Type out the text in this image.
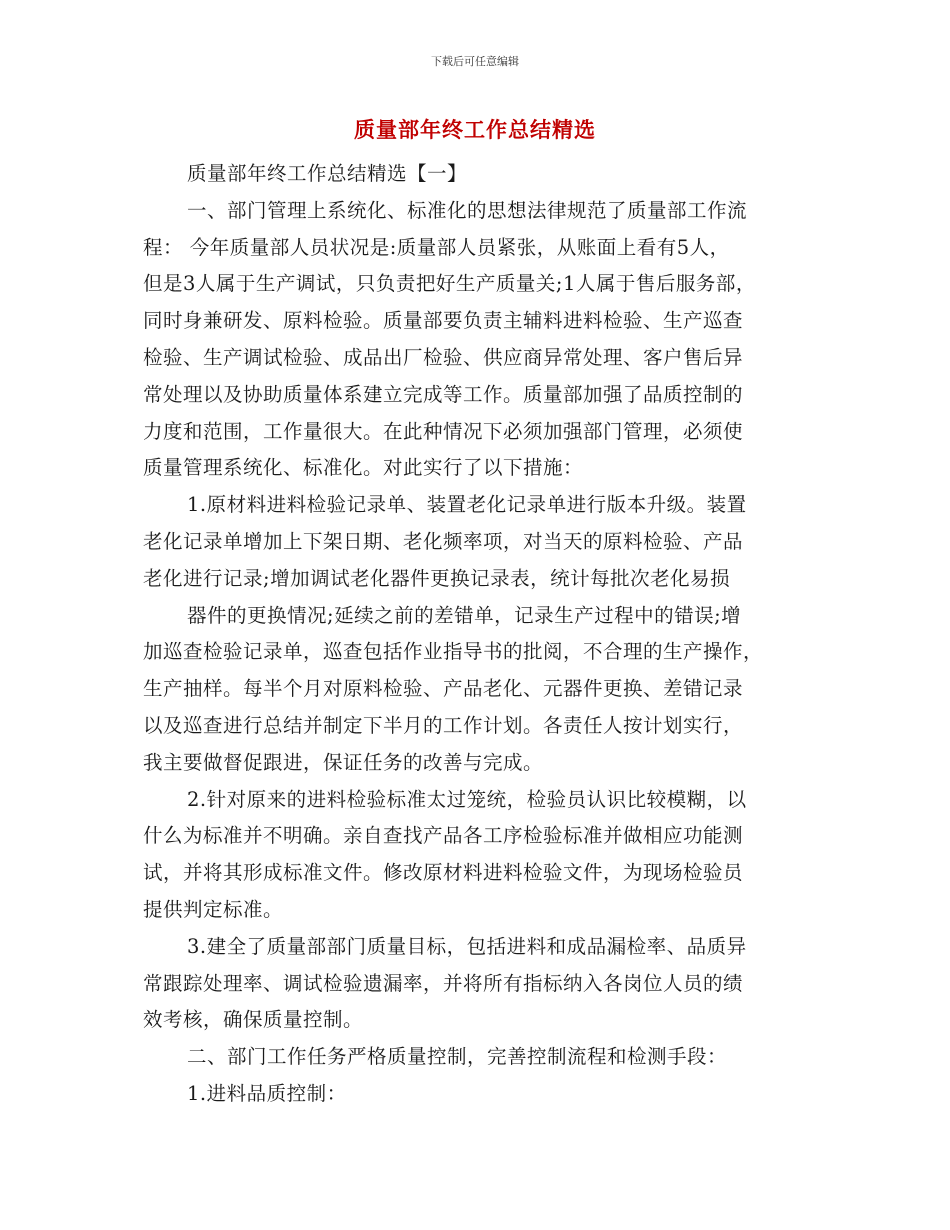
下载后可任意编辑
质量部年终工作总结精选
质量部年终工作总结精选【一】
一、部门管理上系统化、标准化的思想法律规范了质量部工作流
程： 今年质量部人员状况是:质量部人员紧张，从账面上看有5人，
但是3人属于生产调试，只负责把好生产质量关;1人属于售后服务部，
同时身兼研发、原料检验。质量部要负责主辅料进料检验、生产巡查
检验、生产调试检验、成品出厂检验、供应商异常处理、客户售后异
常处理以及协助质量体系建立完成等工作。质量部加强了品质控制的
力度和范围，工作量很大。在此种情况下必须加强部门管理，必须使
质量管理系统化、标准化。对此实行了以下措施：
1.原材料进料检验记录单、装置老化记录单进行版本升级。装置
老化记录单增加上下架日期、老化频率项，对当天的原料检验、产品
老化进行记录;增加调试老化器件更换记录表，统计每批次老化易损
器件的更换情况;延续之前的差错单，记录生产过程中的错误;增
加巡查检验记录单，巡查包括作业指导书的批阅，不合理的生产操作，
生产抽样。每半个月对原料检验、产品老化、元器件更换、差错记录
以及巡查进行总结并制定下半月的工作计划。各责任人按计划实行，
我主要做督促跟进，保证任务的改善与完成。
2.针对原来的进料检验标准太过笼统，检验员认识比较模糊，以
什么为标准并不明确。亲自查找产品各工序检验标准并做相应功能测
试，并将其形成标准文件。修改原材料进料检验文件，为现场检验员
提供判定标准。
3.建全了质量部部门质量目标，包括进料和成品漏检率、品质异
常跟踪处理率、调试检验遗漏率，并将所有指标纳入各岗位人员的绩
效考核，确保质量控制。
二、部门工作任务严格质量控制，完善控制流程和检测手段：
1.进料品质控制：
